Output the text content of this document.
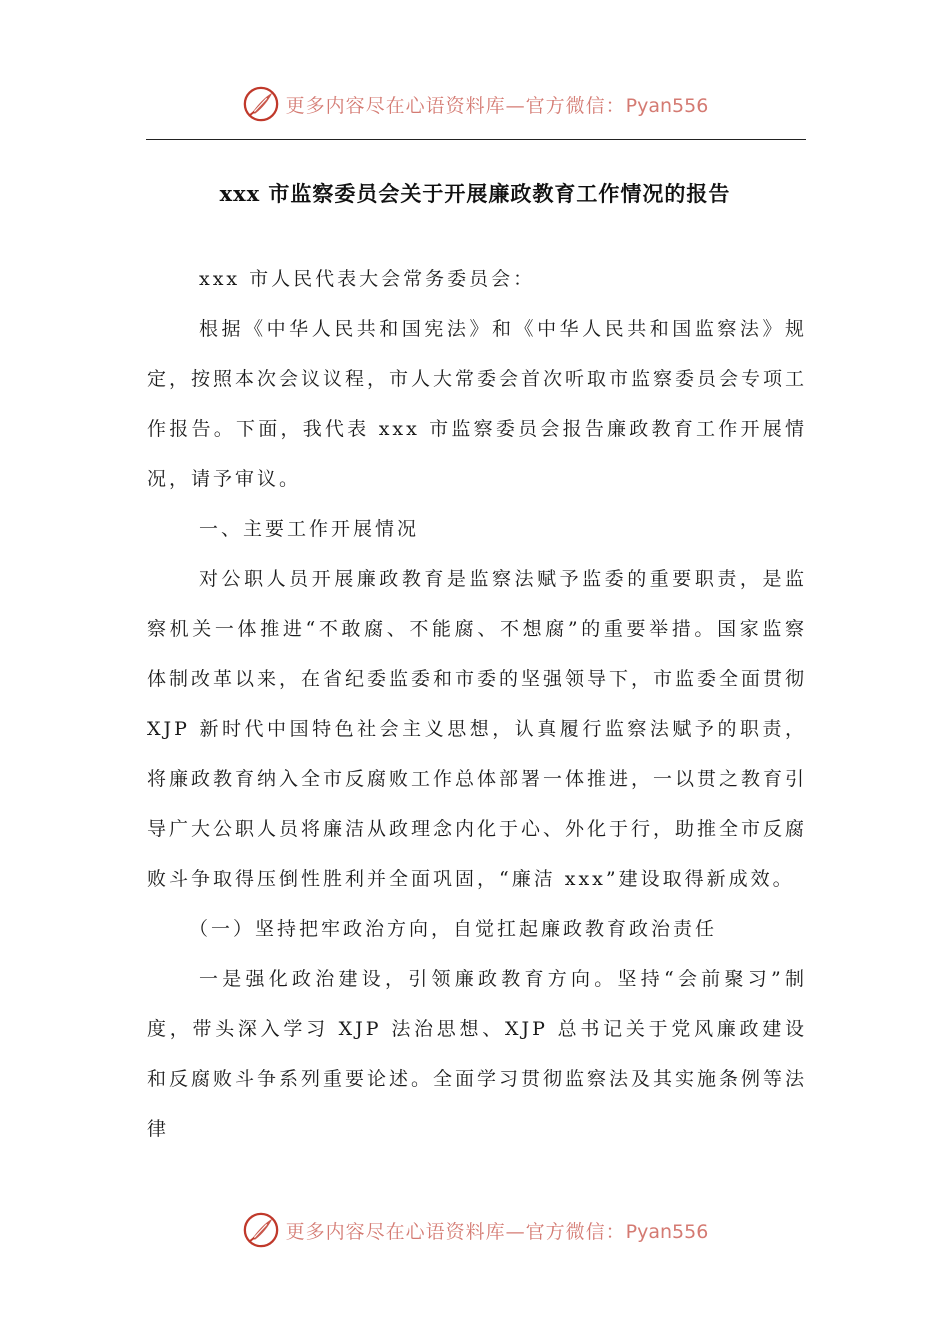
更多内容尽在心语资料库—官方微信：Pyan556
xxx 市监察委员会关于开展廉政教育工作情况的报告

xxx 市人民代表大会常务委员会：

根据《中华人民共和国宪法》和《中华人民共和国监察法》规定，按照本次会议议程，市人大常委会首次听取市监察委员会专项工作报告。下面，我代表 xxx 市监察委员会报告廉政教育工作开展情况，请予审议。

一、主要工作开展情况

对公职人员开展廉政教育是监察法赋予监委的重要职责，是监察机关一体推进“不敢腐、不能腐、不想腐”的重要举措。国家监察体制改革以来，在省纪委监委和市委的坚强领导下，市监委全面贯彻 XJP 新时代中国特色社会主义思想，认真履行监察法赋予的职责，将廉政教育纳入全市反腐败工作总体部署一体推进，一以贯之教育引导广大公职人员将廉洁从政理念内化于心、外化于行，助推全市反腐败斗争取得压倒性胜利并全面巩固，“廉洁 xxx”建设取得新成效。

（一）坚持把牢政治方向，自觉扛起廉政教育政治责任

一是强化政治建设，引领廉政教育方向。坚持“会前聚习”制度，带头深入学习 XJP 法治思想、XJP 总书记关于党风廉政建设和反腐败斗争系列重要论述。全面学习贯彻监察法及其实施条例等法律

更多内容尽在心语资料库—官方微信：Pyan556
